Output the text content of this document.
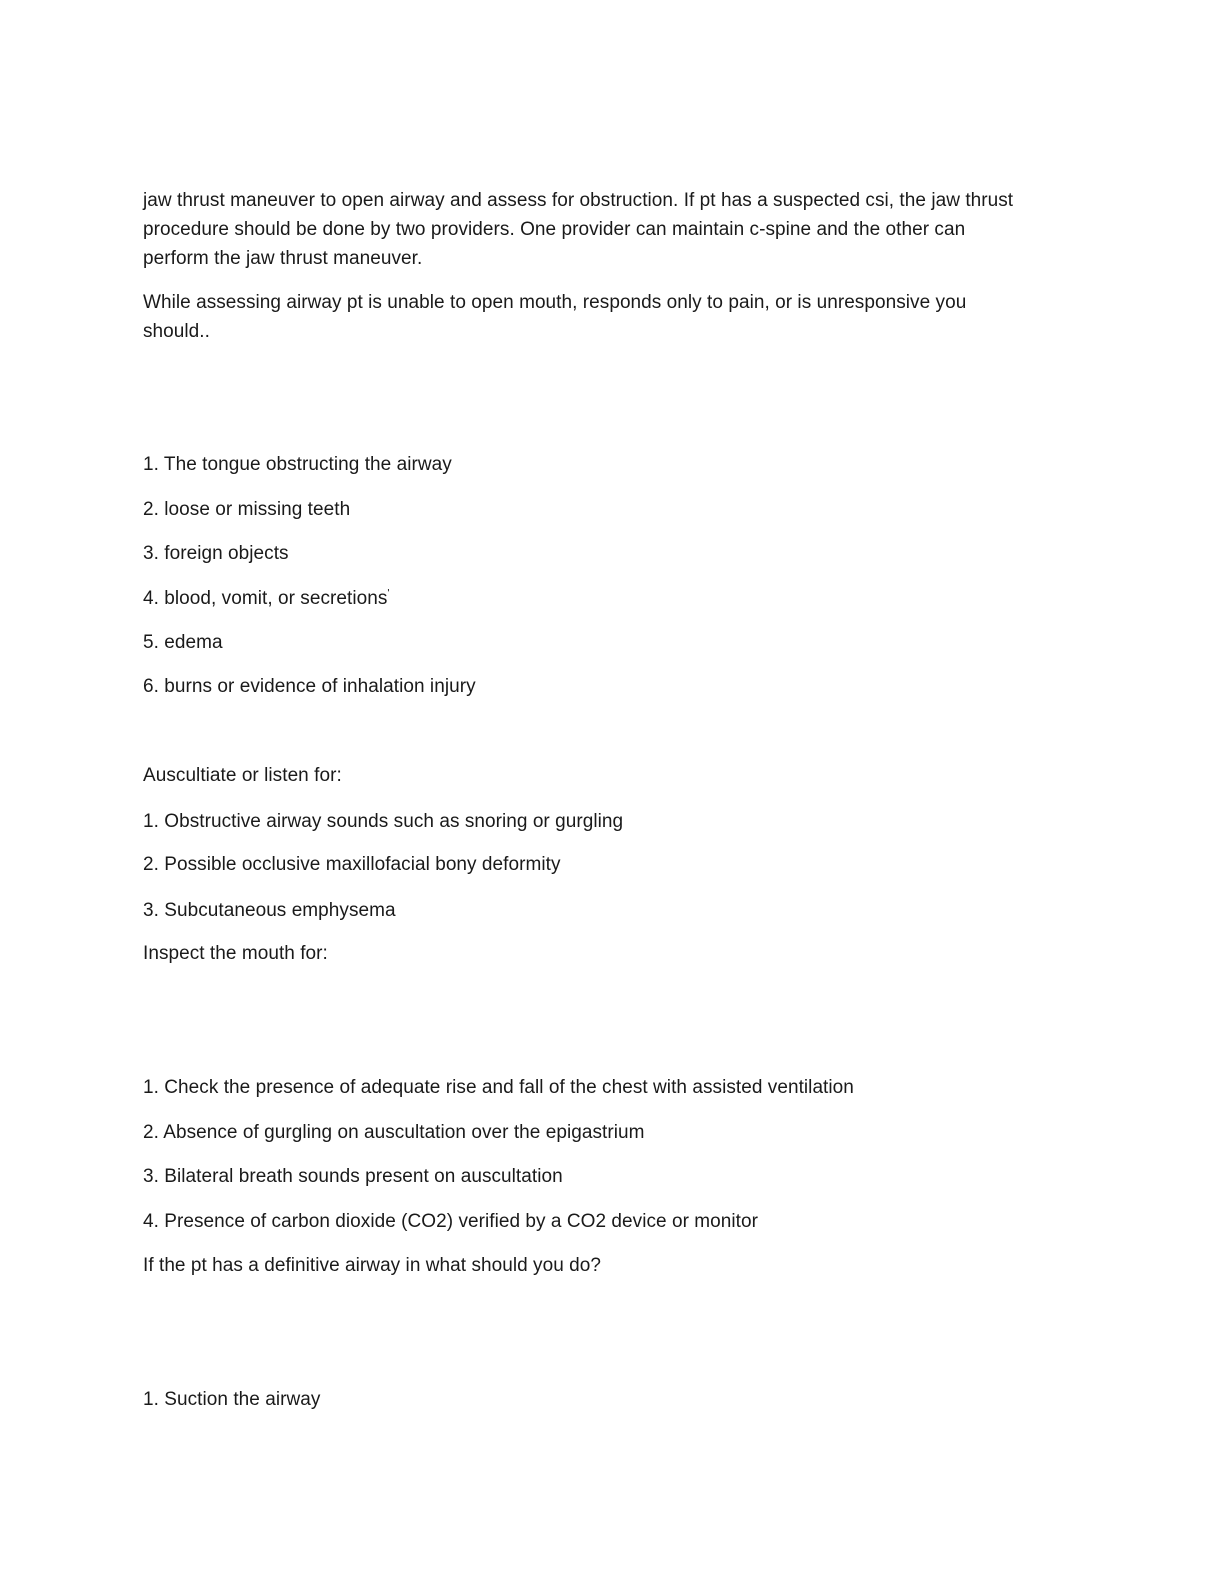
jaw thrust maneuver to open airway and assess for obstruction. If pt has a suspected csi, the jaw thrust
procedure should be done by two providers. One provider can maintain c-spine and the other can
perform the jaw thrust maneuver.
While assessing airway pt is unable to open mouth, responds only to pain, or is unresponsive you
should..
1. The tongue obstructing the airway
2. loose or missing teeth
3. foreign objects
4. blood, vomit, or secretions'
5. edema
6. burns or evidence of inhalation injury
Auscultiate or listen for:
1. Obstructive airway sounds such as snoring or gurgling
2. Possible occlusive maxillofacial bony deformity
3. Subcutaneous emphysema
Inspect the mouth for:
1. Check the presence of adequate rise and fall of the chest with assisted ventilation
2. Absence of gurgling on auscultation over the epigastrium
3. Bilateral breath sounds present on auscultation
4. Presence of carbon dioxide (CO2) verified by a CO2 device or monitor
If the pt has a definitive airway in what should you do?
1. Suction the airway
